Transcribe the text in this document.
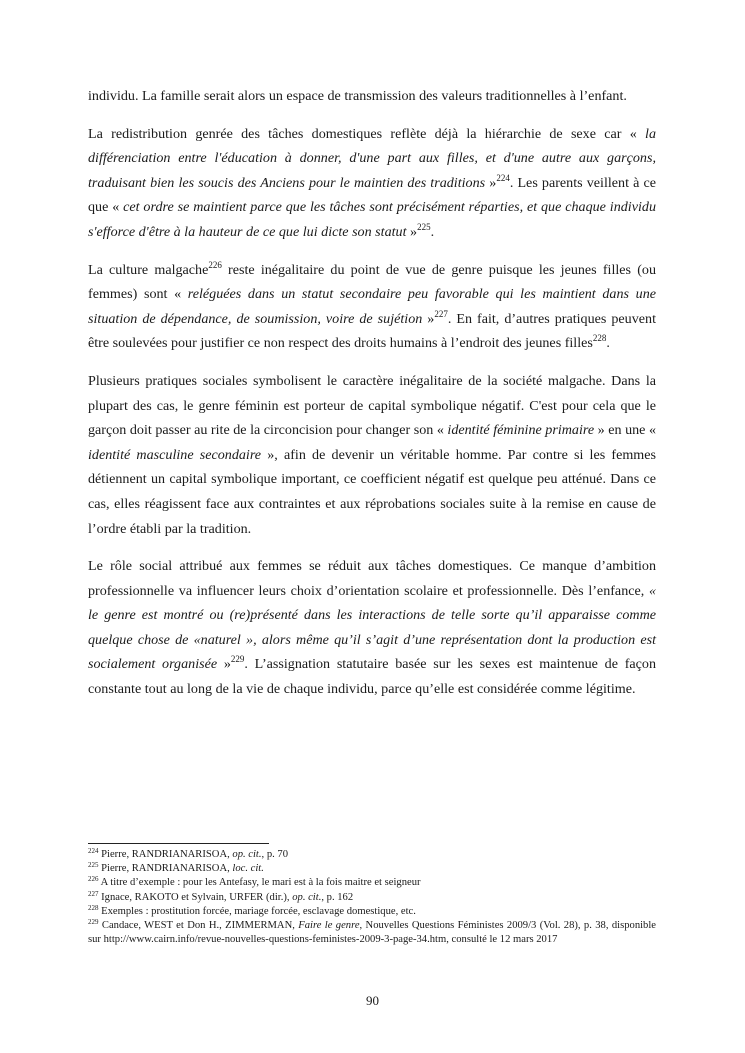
individu. La famille serait alors un espace de transmission des valeurs traditionnelles à l’enfant.

La redistribution genrée des tâches domestiques reflète déjà la hiérarchie de sexe car « la différenciation entre l'éducation à donner, d'une part aux filles, et d'une autre aux garçons, traduisant bien les soucis des Anciens pour le maintien des traditions »$^{224}$. Les parents veillent à ce que « cet ordre se maintient parce que les tâches sont précisément réparties, et que chaque individu s'efforce d'être à la hauteur de ce que lui dicte son statut »$^{225}$.

La culture malgache$^{226}$ reste inégalitaire du point de vue de genre puisque les jeunes filles (ou femmes) sont « reléguées dans un statut secondaire peu favorable qui les maintient dans une situation de dépendance, de soumission, voire de sujétion »$^{227}$. En fait, d’autres pratiques peuvent être soulevées pour justifier ce non respect des droits humains à l’endroit des jeunes filles$^{228}$.

Plusieurs pratiques sociales symbolisent le caractère inégalitaire de la société malgache. Dans la plupart des cas, le genre féminin est porteur de capital symbolique négatif. C'est pour cela que le garçon doit passer au rite de la circoncision pour changer son « identité féminine primaire » en une « identité masculine secondaire », afin de devenir un véritable homme. Par contre si les femmes détiennent un capital symbolique important, ce coefficient négatif est quelque peu atténué. Dans ce cas, elles réagissent face aux contraintes et aux réprobations sociales suite à la remise en cause de l’ordre établi par la tradition.

Le rôle social attribué aux femmes se réduit aux tâches domestiques. Ce manque d’ambition professionnelle va influencer leurs choix d’orientation scolaire et professionnelle. Dès l’enfance, « le genre est montré ou (re)présenté dans les interactions de telle sorte qu’il apparaisse comme quelque chose de «naturel », alors même qu’il s’agit d’une représentation dont la production est socialement organisée »$^{229}$. L’assignation statutaire basée sur les sexes est maintenue de façon constante tout au long de la vie de chaque individu, parce qu’elle est considérée comme légitime.

$^{224}$ Pierre, RANDRIANARISOA, op. cit., p. 70

$^{225}$ Pierre, RANDRIANARISOA, loc. cit.

$^{226}$ A titre d’exemple : pour les Antefasy, le mari est à la fois maitre et seigneur

$^{227}$ Ignace, RAKOTO et Sylvain, URFER (dir.), op. cit., p. 162

$^{228}$ Exemples : prostitution forcée, mariage forcée, esclavage domestique, etc.

$^{229}$ Candace, WEST et Don H., ZIMMERMAN, Faire le genre, Nouvelles Questions Féministes 2009/3 (Vol. 28), p. 38, disponible sur http://www.cairn.info/revue-nouvelles-questions-feministes-2009-3-page-34.htm, consulté le 12 mars 2017

90
